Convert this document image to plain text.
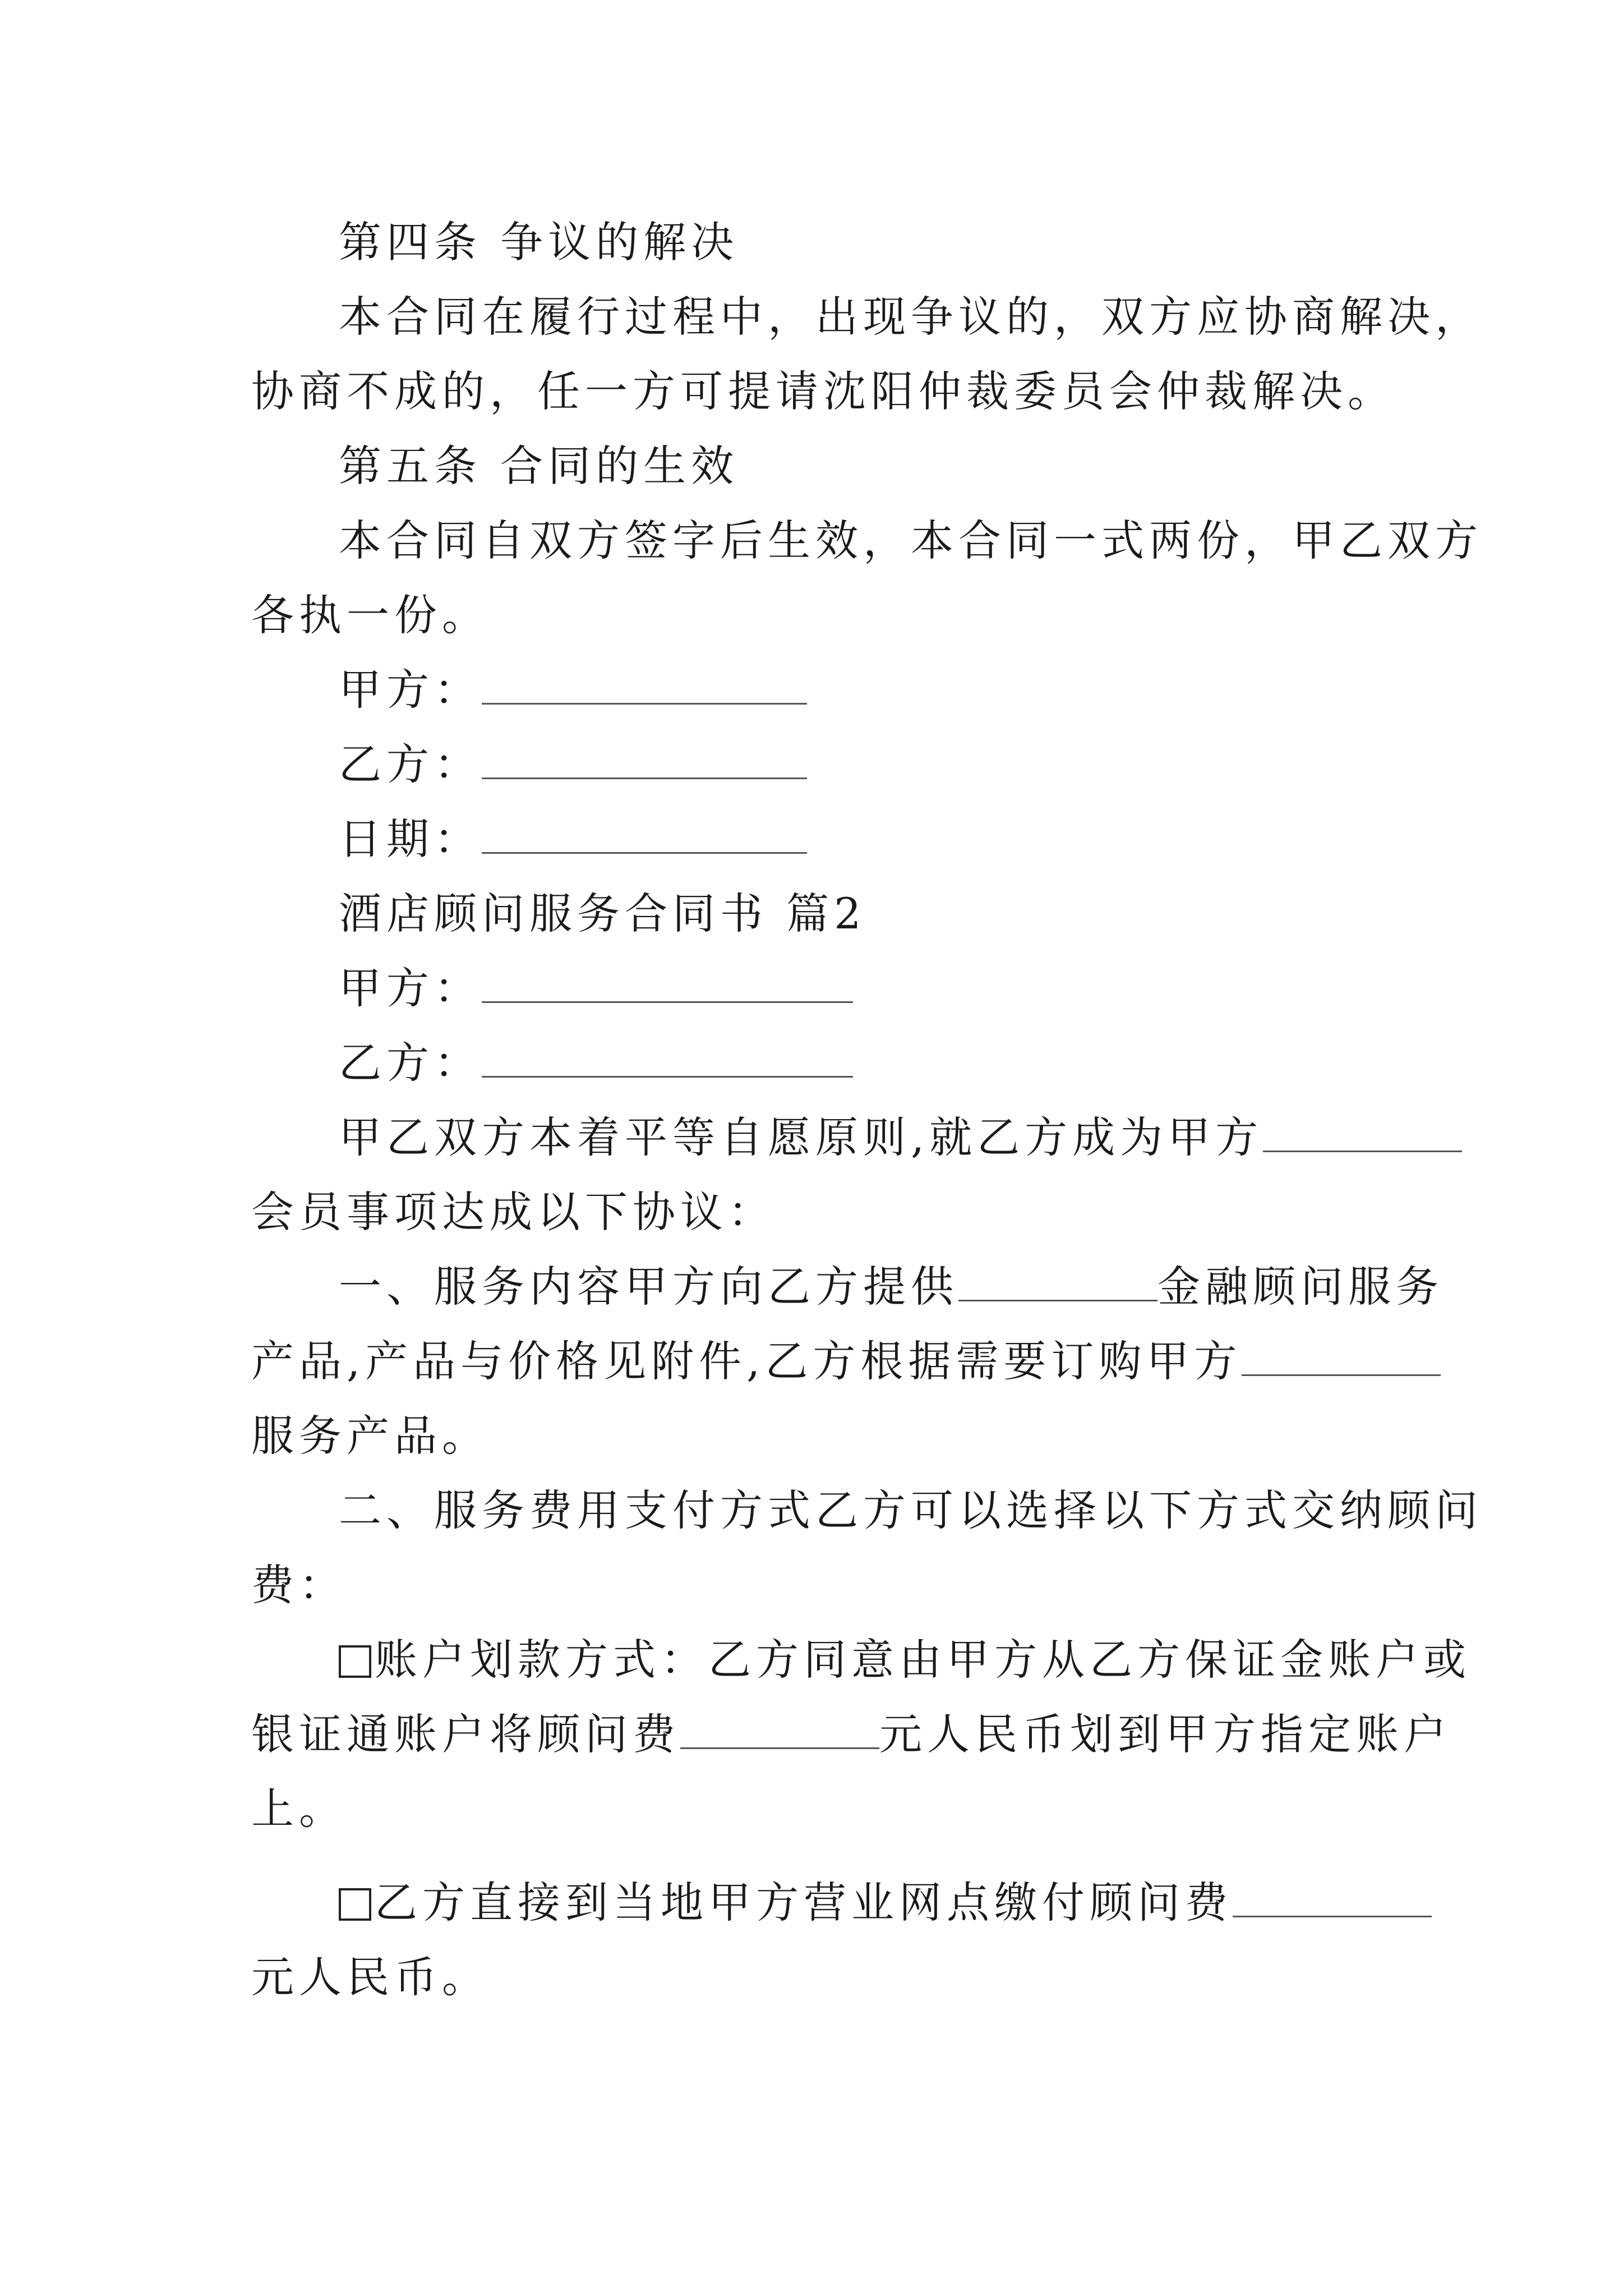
第四条 争议的解决
本合同在履行过程中，出现争议的，双方应协商解决，
协商不成的，任一方可提请沈阳仲裁委员会仲裁解决。
第五条 合同的生效
本合同自双方签字后生效，本合同一式两份，甲乙双方
各执一份。
甲方：
乙方：
日期：
酒店顾问服务合同书 篇2
甲方：
乙方：
甲乙双方本着平等自愿原则,就乙方成为甲方
会员事项达成以下协议：
一、服务内容甲方向乙方提供	金融顾问服务
产品,产品与价格见附件,乙方根据需要订购甲方
服务产品。
二、服务费用支付方式乙方可以选择以下方式交纳顾问
费：
账户划款方式：乙方同意由甲方从乙方保证金账户或
银证通账户将顾问费	元人民币划到甲方指定账户
上。
乙方直接到当地甲方营业网点缴付顾问费
元人民币。
